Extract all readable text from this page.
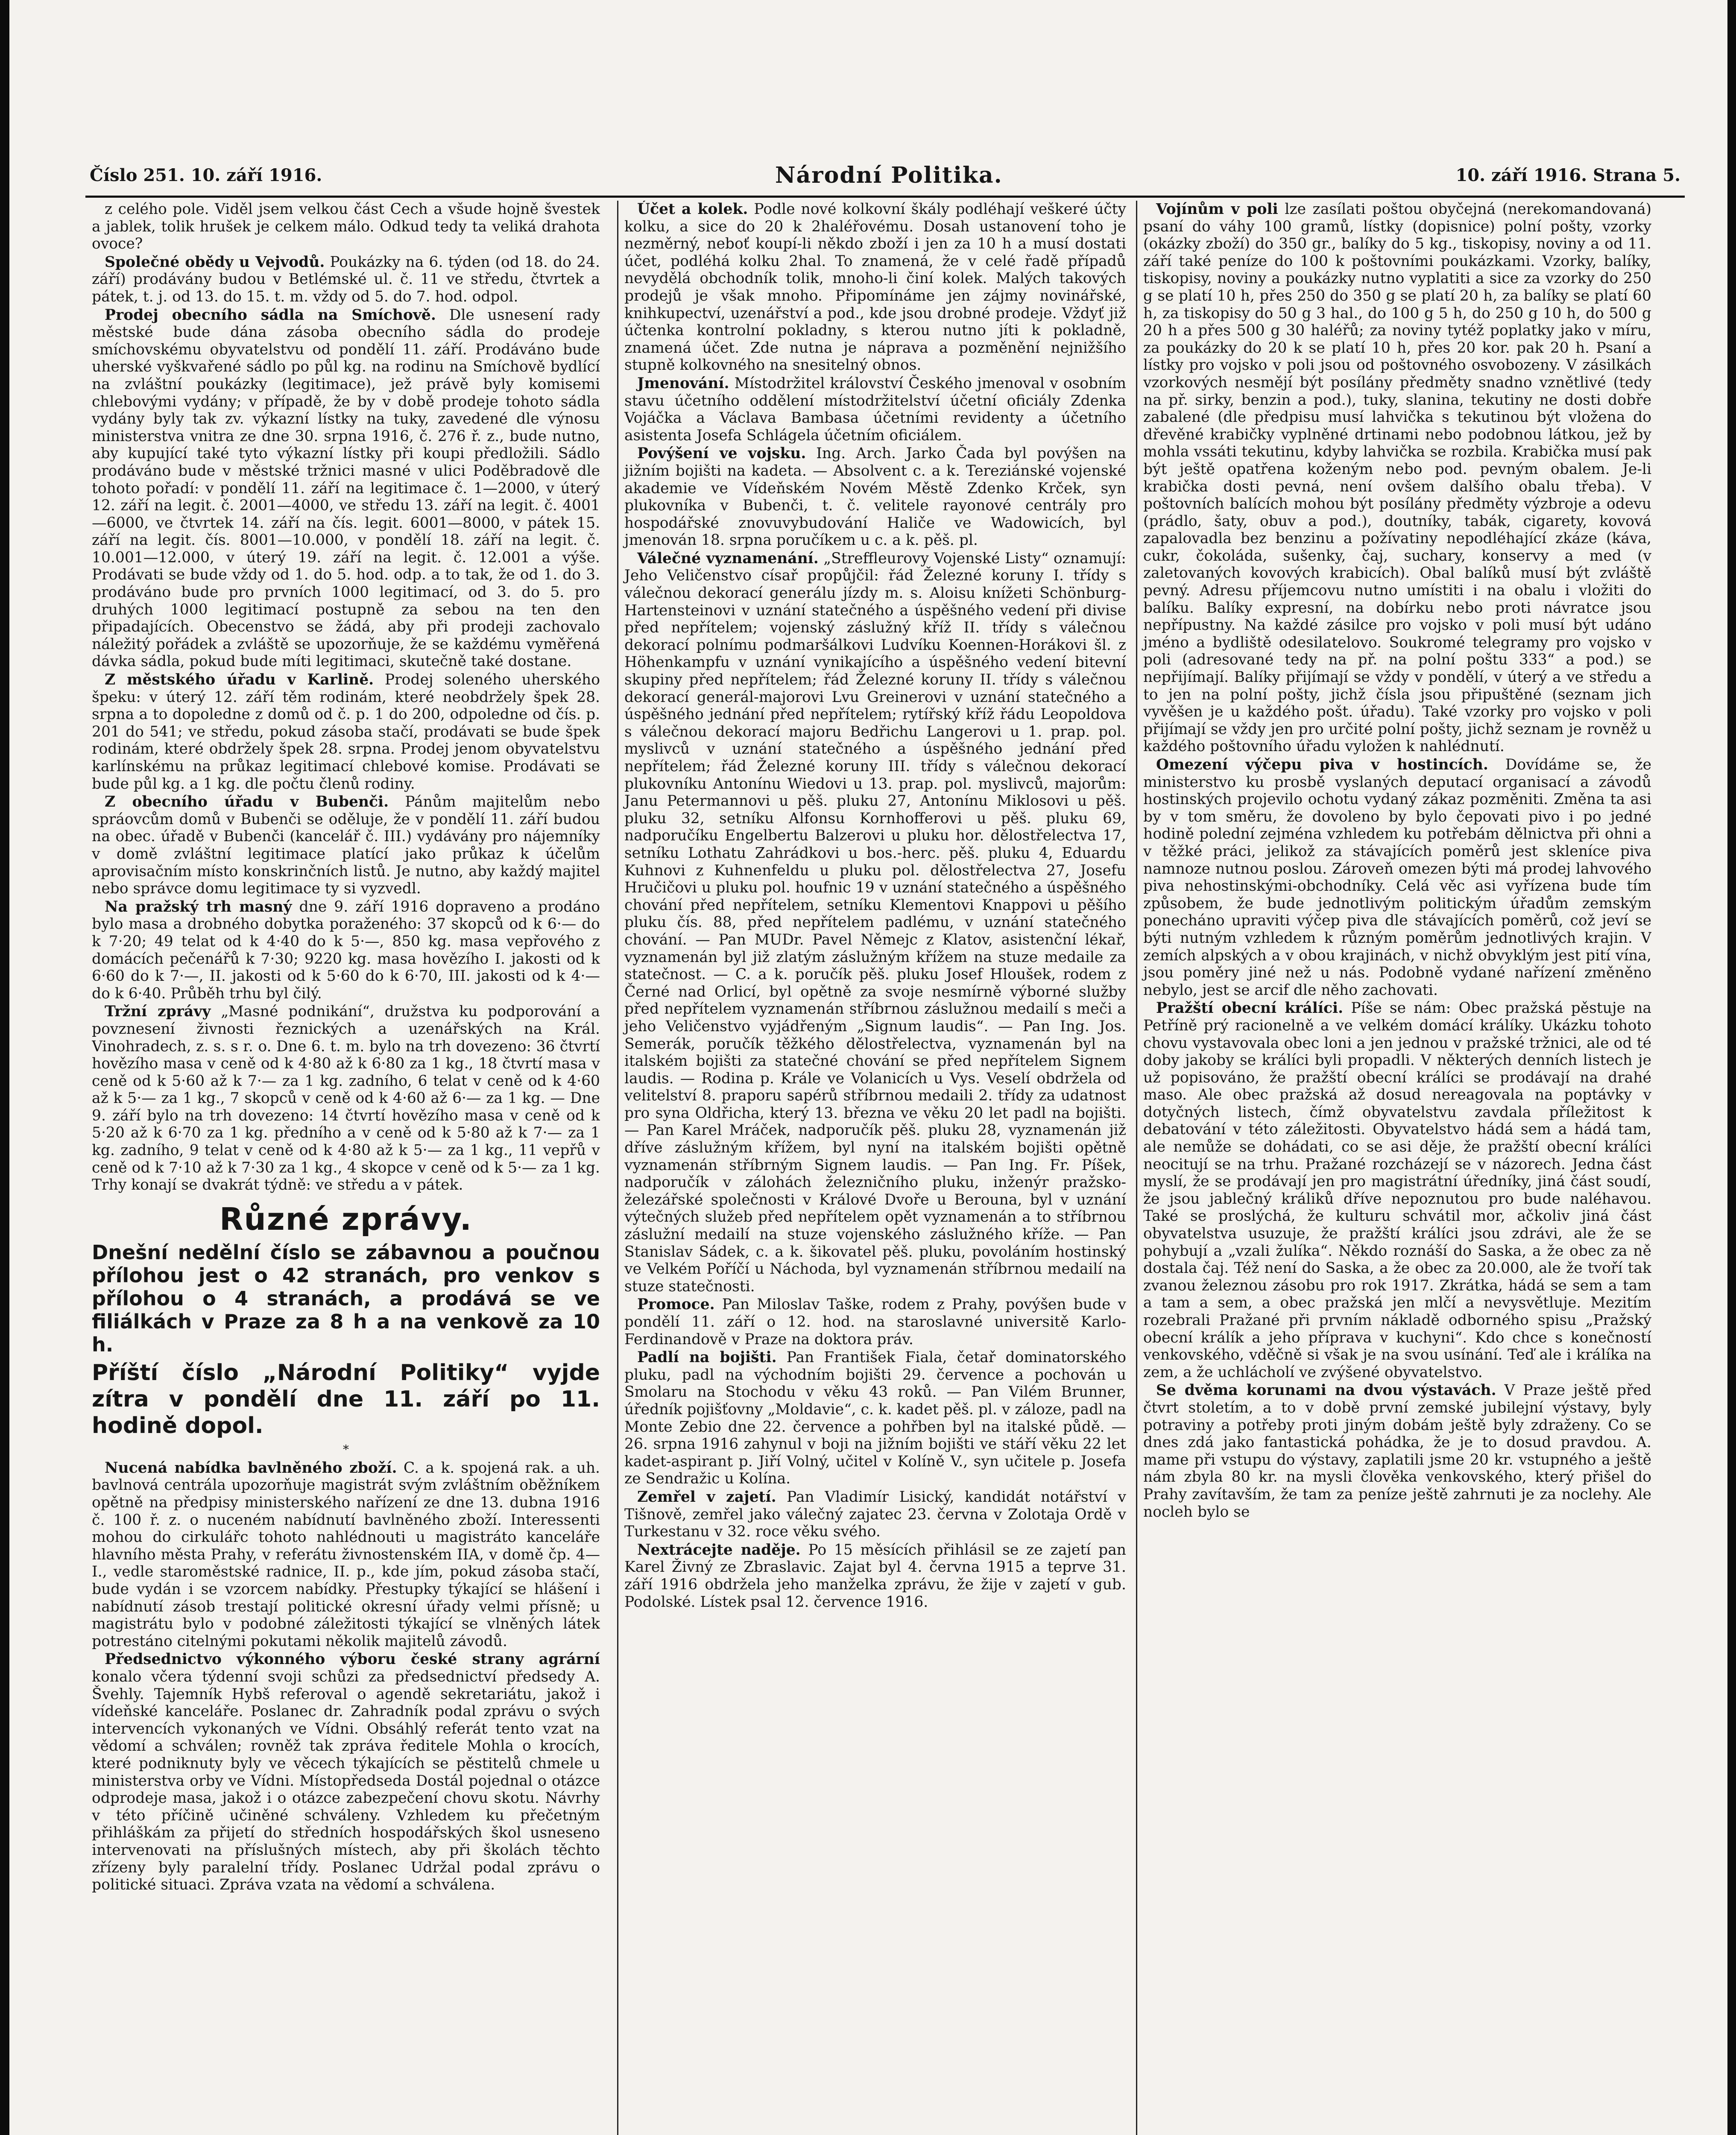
Číslo 251. 10. září 1916.	Národní Politika.	10. září 1916. Strana 5.

z celého pole. Viděl jsem velkou část Cech a všude hojně švestek a jablek, tolik hrušek je celkem málo. Odkud tedy ta veliká drahota ovoce?

Společné obědy u Vejvodů. Poukázky na 6. týden (od 18. do 24. září) prodávány budou v Betlémské ul. č. 11 ve středu, čtvrtek a pátek, t. j. od 13. do 15. t. m. vždy od 5. do 7. hod. odpol.

Prodej obecního sádla na Smíchově. Dle usnesení rady městské bude dána zásoba obecního sádla do prodeje smíchovskému obyvatelstvu od pondělí 11. září. Prodáváno bude uherské vyškvařené sádlo po půl kg. na rodinu na Smíchově bydlící na zvláštní poukázky (legitimace), jež právě byly komisemi chlebovými vydány; v případě, že by v době prodeje tohoto sádla vydány byly tak zv. výkazní lístky na tuky, zavedené dle výnosu ministerstva vnitra ze dne 30. srpna 1916, č. 276 ř. z., bude nutno, aby kupující také tyto výkazní lístky při koupi předložili. Sádlo prodáváno bude v městské tržnici masné v ulici Poděbradově dle tohoto pořadí: v pondělí 11. září na legitimace č. 1—2000, v úterý 12. září na legit. č. 2001—4000, ve středu 13. září na legit. č. 4001—6000, ve čtvrtek 14. září na čís. legit. 6001—8000, v pátek 15. září na legit. čís. 8001—10.000, v pondělí 18. září na legit. č. 10.001—12.000, v úterý 19. září na legit. č. 12.001 a výše. Prodávati se bude vždy od 1. do 5. hod. odp. a to tak, že od 1. do 3. prodáváno bude pro prvních 1000 legitimací, od 3. do 5. pro druhých 1000 legitimací postupně za sebou na ten den připadajících. Obecenstvo se žádá, aby při prodeji zachovalo náležitý pořádek a zvláště se upozorňuje, že se každému vyměřená dávka sádla, pokud bude míti legitimaci, skutečně také dostane.

Z městského úřadu v Karlině. Prodej soleného uherského špeku: v úterý 12. září těm rodinám, které neobdržely špek 28. srpna a to dopoledne z domů od č. p. 1 do 200, odpoledne od čís. p. 201 do 541; ve středu, pokud zásoba stačí, prodávati se bude špek rodinám, které obdržely špek 28. srpna. Prodej jenom obyvatelstvu karlínskému na průkaz legitimací chlebové komise. Prodávati se bude půl kg. a 1 kg. dle počtu členů rodiny.

Z obecního úřadu v Bubenči. Pánům majitelům nebo spráovcům domů v Bubenči se oděluje, že v pondělí 11. září budou na obec. úřadě v Bubenči (kancelář č. III.) vydávány pro nájemníky v domě zvláštní legitimace platící jako průkaz k účelům aprovisačním místo konskrinčních listů. Je nutno, aby každý majitel nebo správce domu legitimace ty si vyzvedl.

Na pražský trh masný dne 9. září 1916 dopraveno a prodáno bylo masa a drobného dobytka poraženého: 37 skopců od k 6·— do k 7·20; 49 telat od k 4·40 do k 5·—, 850 kg. masa vepřového z domácích pečenářů k 7·30; 9220 kg. masa hovězího I. jakosti od k 6·60 do k 7·—, II. jakosti od k 5·60 do k 6·70, III. jakosti od k 4·— do k 6·40. Průběh trhu byl čilý.

Tržní zprávy „Masné podnikání“, družstva ku podporování a povznesení živnosti řeznických a uzenářských na Král. Vinohradech, z. s. s r. o. Dne 6. t. m. bylo na trh dovezeno: 36 čtvrtí hovězího masa v ceně od k 4·80 až k 6·80 za 1 kg., 18 čtvrtí masa v ceně od k 5·60 až k 7·— za 1 kg. zadního, 6 telat v ceně od k 4·60 až k 5·— za 1 kg., 7 skopců v ceně od k 4·60 až 6·— za 1 kg. — Dne 9. září bylo na trh dovezeno: 14 čtvrtí hovězího masa v ceně od k 5·20 až k 6·70 za 1 kg. předního a v ceně od k 5·80 až k 7·— za 1 kg. zadního, 9 telat v ceně od k 4·80 až k 5·— za 1 kg., 11 vepřů v ceně od k 7·10 až k 7·30 za 1 kg., 4 skopce v ceně od k 5·— za 1 kg. Trhy konají se dvakrát týdně: ve středu a v pátek.

Různé zprávy.
Dnešní nedělní číslo se zábavnou a poučnou přílohou jest o 42 stranách, pro venkov s přílohou o 4 stranách, a prodává se ve filiálkách v Praze za 8 h a na venkově za 10 h.
Příští číslo „Národní Politiky“ vyjde zítra v pondělí dne 11. září po 11. hodině dopol.
*

Nucená nabídka bavlněného zboží. C. a k. spojená rak. a uh. bavlnová centrála upozorňuje magistrát svým zvláštním oběžníkem opětně na předpisy ministerského nařízení ze dne 13. dubna 1916 č. 100 ř. z. o nuceném nabídnutí bavlněného zboží. Interessenti mohou do cirkulářc tohoto nahlédnouti u magistráto kanceláře hlavního města Prahy, v referátu živnostenském IIA, v domě čp. 4—I., vedle staroměstské radnice, II. p., kde jím, pokud zásoba stačí, bude vydán i se vzorcem nabídky. Přestupky týkající se hlášení i nabídnutí zásob trestají politické okresní úřady velmi přísně; u magistrátu bylo v podobné záležitosti týkající se vlněných látek potrestáno citelnými pokutami několik majitelů závodů.

Předsednictvo výkonného výboru české strany agrární konalo včera týdenní svoji schůzi za předsednictví předsedy A. Švehly. Tajemník Hybš referoval o agendě sekretariátu, jakož i vídeňské kanceláře. Poslanec dr. Zahradník podal zprávu o svých intervencích vykonaných ve Vídni. Obsáhlý referát tento vzat na vědomí a schválen; rovněž tak zpráva ředitele Mohla o krocích, které podniknuty byly ve věcech týkajících se pěstitelů chmele u ministerstva orby ve Vídni. Místopředseda Dostál pojednal o otázce odprodeje masa, jakož i o otázce zabezpečení chovu skotu. Návrhy v této příčině učiněné schváleny. Vzhledem ku přečetným přihláškám za přijetí do středních hospodářských škol usneseno intervenovati na příslušných místech, aby při školách těchto zřízeny byly paralelní třídy. Poslanec Udržal podal zprávu o politické situaci. Zpráva vzata na vědomí a schválena.

Účet a kolek. Podle nové kolkovní škály podléhají veškeré účty kolku, a sice do 20 k 2haléřovému. Dosah ustanovení toho je nezměrný, neboť koupí-li někdo zboží i jen za 10 h a musí dostati účet, podléhá kolku 2hal. To znamená, že v celé řadě případů nevydělá obchodník tolik, mnoho-li činí kolek. Malých takových prodejů je však mnoho. Připomínáme jen zájmy novinářské, knihkupectví, uzenářství a pod., kde jsou drobné prodeje. Vždyť již účtenka kontrolní pokladny, s kterou nutno jíti k pokladně, znamená účet. Zde nutna je náprava a pozměnění nejnižšího stupně kolkovného na snesitelný obnos.

Jmenování. Místodržitel království Českého jmenoval v osobním stavu účetního oddělení místodržitelství účetní oficiály Zdenka Vojáčka a Václava Bambasa účetními revidenty a účetního asistenta Josefa Schlágela účetním oficiálem.

Povýšení ve vojsku. Ing. Arch. Jarko Čada byl povýšen na jižním bojišti na kadeta. — Absolvent c. a k. Tereziánské vojenské akademie ve Vídeňském Novém Městě Zdenko Krček, syn plukovníka v Bubenči, t. č. velitele rayonové centrály pro hospodářské znovuvybudování Haliče ve Wadowicích, byl jmenován 18. srpna poručíkem u c. a k. pěš. pl.

Válečné vyznamenání. „Streffleurovy Vojenské Listy“ oznamují: Jeho Veličenstvo císař propůjčil: řád Železné koruny I. třídy s válečnou dekorací generálu jízdy m. s. Aloisu knížeti Schönburg-Hartensteinovi v uznání statečného a úspěšného vedení při divise před nepřítelem; vojenský záslužný kříž II. třídy s válečnou dekorací polnímu podmaršálkovi Ludvíku Koennen-Horákovi šl. z Höhenkampfu v uznání vynikajícího a úspěšného vedení bitevní skupiny před nepřítelem; řád Železné koruny II. třídy s válečnou dekorací generál-majorovi Lvu Greinerovi v uznání statečného a úspěšného jednání před nepřítelem; rytířský kříž řádu Leopoldova s válečnou dekorací majoru Bedřichu Langerovi u 1. prap. pol. myslivců v uznání statečného a úspěšného jednání před nepřítelem; řád Železné koruny III. třídy s válečnou dekorací plukovníku Antonínu Wiedovi u 13. prap. pol. myslivců, majorům: Janu Petermannovi u pěš. pluku 27, Antonínu Miklosovi u pěš. pluku 32, setníku Alfonsu Kornhofferovi u pěš. pluku 69, nadporučíku Engelbertu Balzerovi u pluku hor. dělostřelectva 17, setníku Lothatu Zahrádkovi u bos.-herc. pěš. pluku 4, Eduardu Kuhnovi z Kuhnenfeldu u pluku pol. dělostřelectva 27, Josefu Hručičovi u pluku pol. houfnic 19 v uznání statečného a úspěšného chování před nepřítelem, setníku Klementovi Knappovi u pěšího pluku čís. 88, před nepřítelem padlému, v uznání statečného chování. — Pan MUDr. Pavel Němejc z Klatov, asistenční lékař, vyznamenán byl již zlatým záslužným křížem na stuze medaile za statečnost. — C. a k. poručík pěš. pluku Josef Hloušek, rodem z Černé nad Orlicí, byl opětně za svoje nesmírně výborné služby před nepřítelem vyznamenán stříbrnou záslužnou medailí s meči a jeho Veličenstvo vyjádřeným „Signum laudis“. — Pan Ing. Jos. Semerák, poručík těžkého dělostřelectva, vyznamenán byl na italském bojišti za statečné chování se před nepřítelem Signem laudis. — Rodina p. Krále ve Volanicích u Vys. Veselí obdržela od velitelství 8. praporu sapérů stříbrnou medaili 2. třídy za udatnost pro syna Oldřicha, který 13. března ve věku 20 let padl na bojišti. — Pan Karel Mráček, nadporučík pěš. pluku 28, vyznamenán již dříve záslužným křížem, byl nyní na italském bojišti opětně vyznamenán stříbrným Signem laudis. — Pan Ing. Fr. Píšek, nadporučík v zálohách železničního pluku, inženýr pražsko-železářské společnosti v Králové Dvoře u Berouna, byl v uznání výtečných služeb před nepřítelem opět vyznamenán a to stříbrnou záslužní medailí na stuze vojenského záslužného kříže. — Pan Stanislav Sádek, c. a k. šikovatel pěš. pluku, povoláním hostinský ve Velkém Poříčí u Náchoda, byl vyznamenán stříbrnou medailí na stuze statečnosti.

Promoce. Pan Miloslav Taške, rodem z Prahy, povýšen bude v pondělí 11. září o 12. hod. na staroslavné universitě Karlo-Ferdinandově v Praze na doktora práv.

Padlí na bojišti. Pan František Fiala, četař dominatorského pluku, padl na východním bojišti 29. července a pochován u Smolaru na Stochodu v věku 43 roků. — Pan Vilém Brunner, úředník pojišťovny „Moldavie“, c. k. kadet pěš. pl. v záloze, padl na Monte Zebio dne 22. července a pohřben byl na italské půdě. — 26. srpna 1916 zahynul v boji na jižním bojišti ve stáří věku 22 let kadet-aspirant p. Jiří Volný, učitel v Kolíně V., syn učitele p. Josefa ze Sendražic u Kolína.

Zemřel v zajetí. Pan Vladimír Lisický, kandidát notářství v Tišnově, zemřel jako válečný zajatec 23. června v Zolotaja Ordě v Turkestanu v 32. roce věku svého.

Nextrácejte naděje. Po 15 měsících přihlásil se ze zajetí pan Karel Živný ze Zbraslavic. Zajat byl 4. června 1915 a teprve 31. září 1916 obdržela jeho manželka zprávu, že žije v zajetí v gub. Podolské. Lístek psal 12. července 1916.

Vojínům v poli lze zasílati poštou obyčejná (nerekomandovaná) psaní do váhy 100 gramů, lístky (dopisnice) polní pošty, vzorky (okázky zboží) do 350 gr., balíky do 5 kg., tiskopisy, noviny a od 11. září také peníze do 100 k poštovními poukázkami. Vzorky, balíky, tiskopisy, noviny a poukázky nutno vyplatiti a sice za vzorky do 250 g se platí 10 h, přes 250 do 350 g se platí 20 h, za balíky se platí 60 h, za tiskopisy do 50 g 3 hal., do 100 g 5 h, do 250 g 10 h, do 500 g 20 h a přes 500 g 30 haléřů; za noviny tytéž poplatky jako v míru, za poukázky do 20 k se platí 10 h, přes 20 kor. pak 20 h. Psaní a lístky pro vojsko v poli jsou od poštovného osvobozeny. V zásilkách vzorkových nesmějí být posílány předměty snadno vznětlivé (tedy na př. sirky, benzin a pod.), tuky, slanina, tekutiny ne dosti dobře zabalené (dle předpisu musí lahvička s tekutinou být vložena do dřevěné krabičky vyplněné drtinami nebo podobnou látkou, jež by mohla vssáti tekutinu, kdyby lahvička se rozbila. Krabička musí pak být ještě opatřena koženým nebo pod. pevným obalem. Je-li krabička dosti pevná, není ovšem dalšího obalu třeba). V poštovních balících mohou být posílány předměty výzbroje a odevu (prádlo, šaty, obuv a pod.), doutníky, tabák, cigarety, kovová zapalovadla bez benzinu a požívatiny nepodléhající zkáze (káva, cukr, čokoláda, sušenky, čaj, suchary, konservy a med (v zaletovaných kovových krabicích). Obal balíků musí být zvláště pevný. Adresu příjemcovu nutno umístiti i na obalu i vložiti do balíku. Balíky expresní, na dobírku nebo proti návratce jsou nepřípustny. Na každé zásilce pro vojsko v poli musí být udáno jméno a bydliště odesilatelovo. Soukromé telegramy pro vojsko v poli (adresované tedy na př. na polní poštu 333“ a pod.) se nepřijímají. Balíky přijímají se vždy v pondělí, v úterý a ve středu a to jen na polní pošty, jichž čísla jsou připuštěné (seznam jich vyvěšen je u každého pošt. úřadu). Také vzorky pro vojsko v poli přijímají se vždy jen pro určité polní pošty, jichž seznam je rovněž u každého poštovního úřadu vyložen k nahlédnutí.

Omezení výčepu piva v hostincích. Dovídáme se, že ministerstvo ku prosbě vyslaných deputací organisací a závodů hostinských projevilo ochotu vydaný zákaz pozměniti. Změna ta asi by v tom směru, že dovoleno by bylo čepovati pivo i po jedné hodině polední zejména vzhledem ku potřebám dělnictva při ohni a v těžké práci, jelikož za stávajících poměrů jest skleníce piva namnoze nutnou poslou. Zároveň omezen býti má prodej lahvového piva nehostinskými-obchodníky. Celá věc asi vyřízena bude tím způsobem, že bude jednotlivým politickým úřadům zemským ponecháno upraviti výčep piva dle stávajících poměrů, což jeví se býti nutným vzhledem k různým poměrům jednotlivých krajin. V zemích alpských a v obou krajinách, v nichž obvyklým jest pití vína, jsou poměry jiné než u nás. Podobně vydané nařízení změněno nebylo, jest se arcif dle něho zachovati.

Pražští obecní králíci. Píše se nám: Obec pražská pěstuje na Petříně prý racionelně a ve velkém domácí králíky. Ukázku tohoto chovu vystavovala obec loni a jen jednou v pražské tržnici, ale od té doby jakoby se králíci byli propadli. V některých denních listech je už popisováno, že pražští obecní králíci se prodávají na drahé maso. Ale obec pražská až dosud nereagovala na poptávky v dotyčných listech, čímž obyvatelstvu zavdala příležitost k debatování v této záležitosti. Obyvatelstvo hádá sem a hádá tam, ale nemůže se dohádati, co se asi děje, že pražští obecní králíci neocitují se na trhu. Pražané rozcházejí se v názorech. Jedna část myslí, že se prodávají jen pro magistrátní úředníky, jiná část soudí, že jsou jablečný králiků dříve nepoznutou pro bude naléhavou. Také se proslýchá, že kulturu schvátil mor, ačkoliv jiná část obyvatelstva usuzuje, že pražští králíci jsou zdrávi, ale že se pohybují a „vzali žulíka“. Někdo roznáší do Saska, a že obec za ně dostala čaj. Též není do Saska, a že obec za 20.000, ale že tvoří tak zvanou železnou zásobu pro rok 1917. Zkrátka, hádá se sem a tam a tam a sem, a obec pražská jen mlčí a nevysvětluje. Mezitím rozebrali Pražané při prvním nákladě odborného spisu „Pražský obecní králík a jeho příprava v kuchyni“. Kdo chce s konečností venkovského, vděčně si však je na svou usínání. Teď ale i králíka na zem, a že uchlácholí ve zvýšené obyvatelstvo.

Se dvěma korunami na dvou výstavách. V Praze ještě před čtvrt stoletím, a to v době první zemské jubilejní výstavy, byly potraviny a potřeby proti jiným dobám ještě byly zdraženy. Co se dnes zdá jako fantastická pohádka, že je to dosud pravdou. A. mame při vstupu do výstavy, zaplatili jsme 20 kr. vstupného a ještě nám zbyla 80 kr. na mysli člověka venkovského, který přišel do Prahy zavítavším, že tam za peníze ještě zahrnuti je za noclehy. Ale nocleh bylo se
